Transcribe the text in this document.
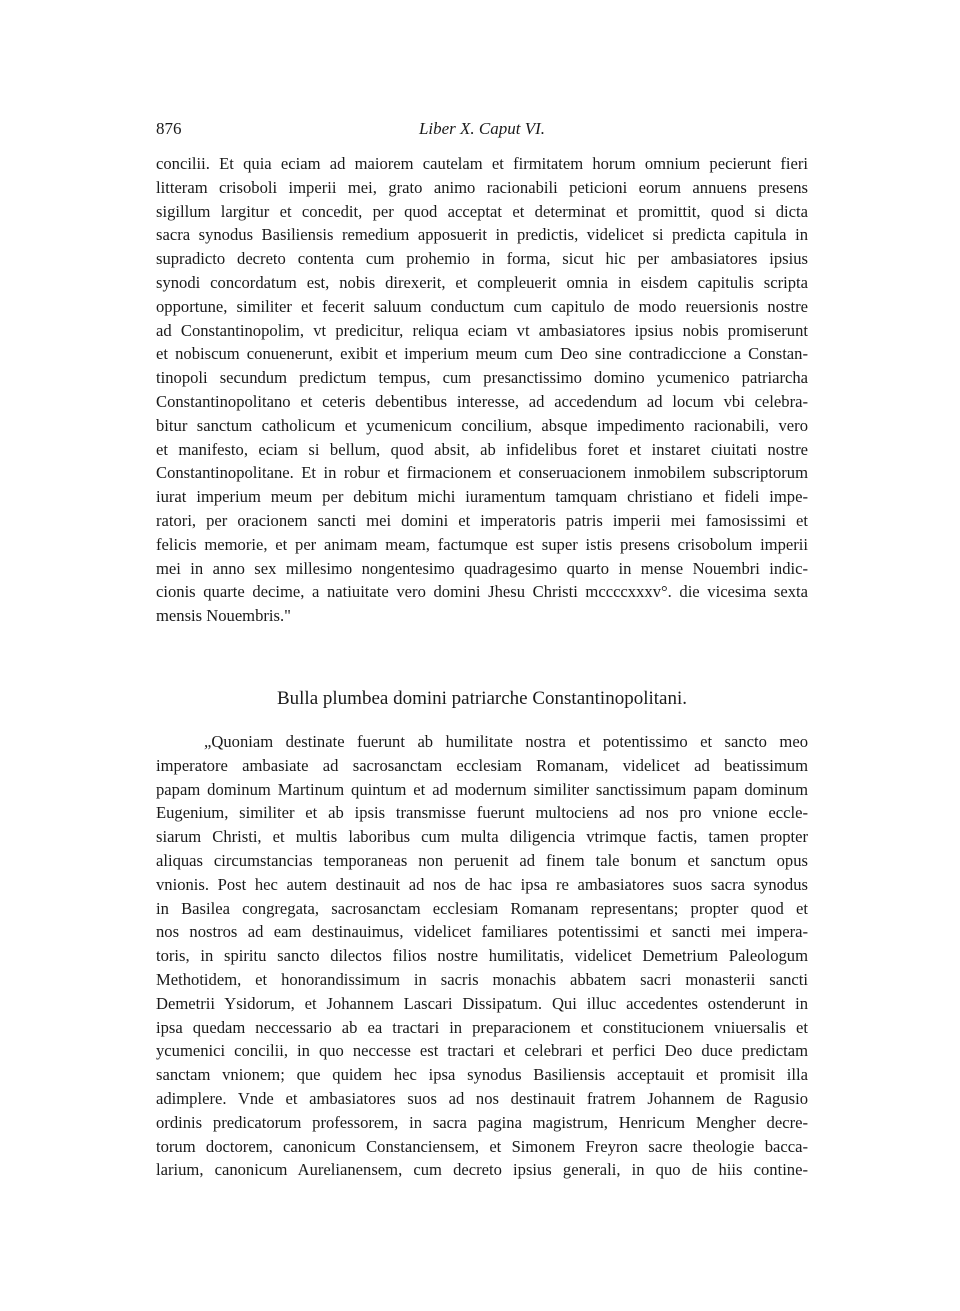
876	Liber X. Caput VI.
concilii. Et quia eciam ad maiorem cautelam et firmitatem horum omnium pecierunt fieri
litteram crisoboli imperii mei, grato animo racionabili peticioni eorum annuens presens
sigillum largitur et concedit, per quod acceptat et determinat et promittit, quod si dicta
sacra synodus Basiliensis remedium apposuerit in predictis, videlicet si predicta capitula in
supradicto decreto contenta cum prohemio in forma, sicut hic per ambasiatores ipsius
synodi concordatum est, nobis direxerit, et compleuerit omnia in eisdem capitulis scripta
opportune, similiter et fecerit saluum conductum cum capitulo de modo reuersionis nostre
ad Constantinopolim, vt predicitur, reliqua eciam vt ambasiatores ipsius nobis promiserunt
et nobiscum conuenerunt, exibit et imperium meum cum Deo sine contradiccione a Constan-
tinopoli secundum predictum tempus, cum presanctissimo domino ycumenico patriarcha
Constantinopolitano et ceteris debentibus interesse, ad accedendum ad locum vbi celebra-
bitur sanctum catholicum et ycumenicum concilium, absque impedimento racionabili, vero
et manifesto, eciam si bellum, quod absit, ab infidelibus foret et instaret ciuitati nostre
Constantinopolitane. Et in robur et firmacionem et conseruacionem inmobilem subscriptorum
iurat imperium meum per debitum michi iuramentum tamquam christiano et fideli impe-
ratori, per oracionem sancti mei domini et imperatoris patris imperii mei famosissimi et
felicis memorie, et per animam meam, factumque est super istis presens crisobolum imperii
mei in anno sex millesimo nongentesimo quadragesimo quarto in mense Nouembri indic-
cionis quarte decime, a natiuitate vero domini Jhesu Christi mccccxxxv°. die vicesima sexta
mensis Nouembris."
Bulla plumbea domini patriarche Constantinopolitani.
„Quoniam destinate fuerunt ab humilitate nostra et potentissimo et sancto meo
imperatore ambasiate ad sacrosanctam ecclesiam Romanam, videlicet ad beatissimum
papam dominum Martinum quintum et ad modernum similiter sanctissimum papam dominum
Eugenium, similiter et ab ipsis transmisse fuerunt multociens ad nos pro vnione eccle-
siarum Christi, et multis laboribus cum multa diligencia vtrimque factis, tamen propter
aliquas circumstancias temporaneas non peruenit ad finem tale bonum et sanctum opus
vnionis. Post hec autem destinauit ad nos de hac ipsa re ambasiatores suos sacra synodus
in Basilea congregata, sacrosanctam ecclesiam Romanam representans; propter quod et
nos nostros ad eam destinauimus, videlicet familiares potentissimi et sancti mei impera-
toris, in spiritu sancto dilectos filios nostre humilitatis, videlicet Demetrium Paleologum
Methotidem, et honorandissimum in sacris monachis abbatem sacri monasterii sancti
Demetrii Ysidorum, et Johannem Lascari Dissipatum. Qui illuc accedentes ostenderunt in
ipsa quedam neccessario ab ea tractari in preparacionem et constitucionem vniuersalis et
ycumenici concilii, in quo neccesse est tractari et celebrari et perfici Deo duce predictam
sanctam vnionem; que quidem hec ipsa synodus Basiliensis acceptauit et promisit illa
adimplere. Vnde et ambasiatores suos ad nos destinauit fratrem Johannem de Ragusio
ordinis predicatorum professorem, in sacra pagina magistrum, Henricum Mengher decre-
torum doctorem, canonicum Constanciensem, et Simonem Freyron sacre theologie bacca-
larium, canonicum Aurelianensem, cum decreto ipsius generali, in quo de hiis contine-
